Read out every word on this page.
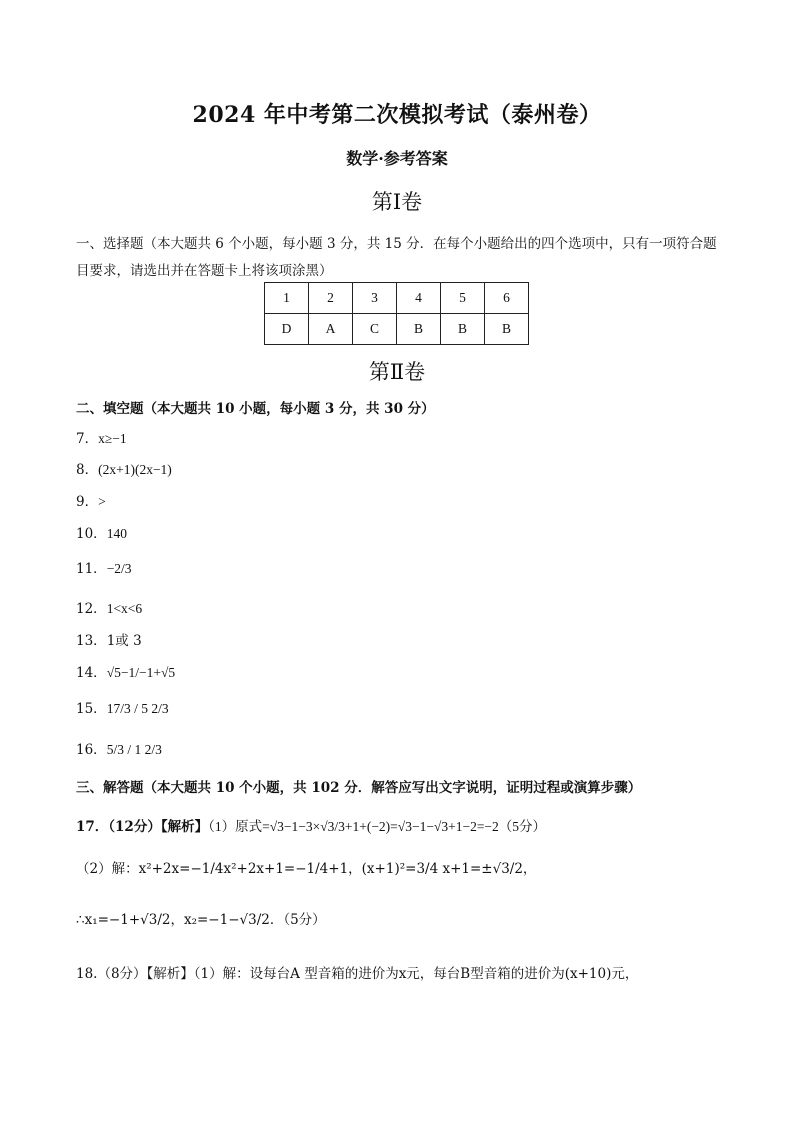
2024 年中考第二次模拟考试（泰州卷）
数学·参考答案
第Ⅰ卷
一、选择题（本大题共 6 个小题，每小题 3 分，共 15 分．在每个小题给出的四个选项中，只有一项符合题
目要求，请选出并在答题卡上将该项涂黑）
1	2	3	4	5	6
D	A	C	B	B	B
第Ⅱ卷
二、填空题（本大题共 10 小题，每小题 3 分，共 30 分）
7．x≥−1
8．(2x+1)(2x−1)
9．>
10．140
11．−2/3
12．1<x<6
13．1或 3
14．√5−1/−1+√5
15．17/3 / 5 2/3
16．5/3 / 1 2/3
三、解答题（本大题共 10 个小题，共 102 分．解答应写出文字说明，证明过程或演算步骤）
17．（12分）【解析】（1）原式=√3−1−3×√3/3+1+(−2)=√3−1−√3+1−2=−2（5分）
（2）解：x²+2x=−1/4x²+2x+1=−1/4+1，(x+1)²=3/4 x+1=±√3/2，
∴x₁=−1+√3/2，x₂=−1−√3/2．（5分）
18.（8分）【解析】（1）解：设每台A 型音箱的进价为x元，每台B型音箱的进价为(x+10)元，
